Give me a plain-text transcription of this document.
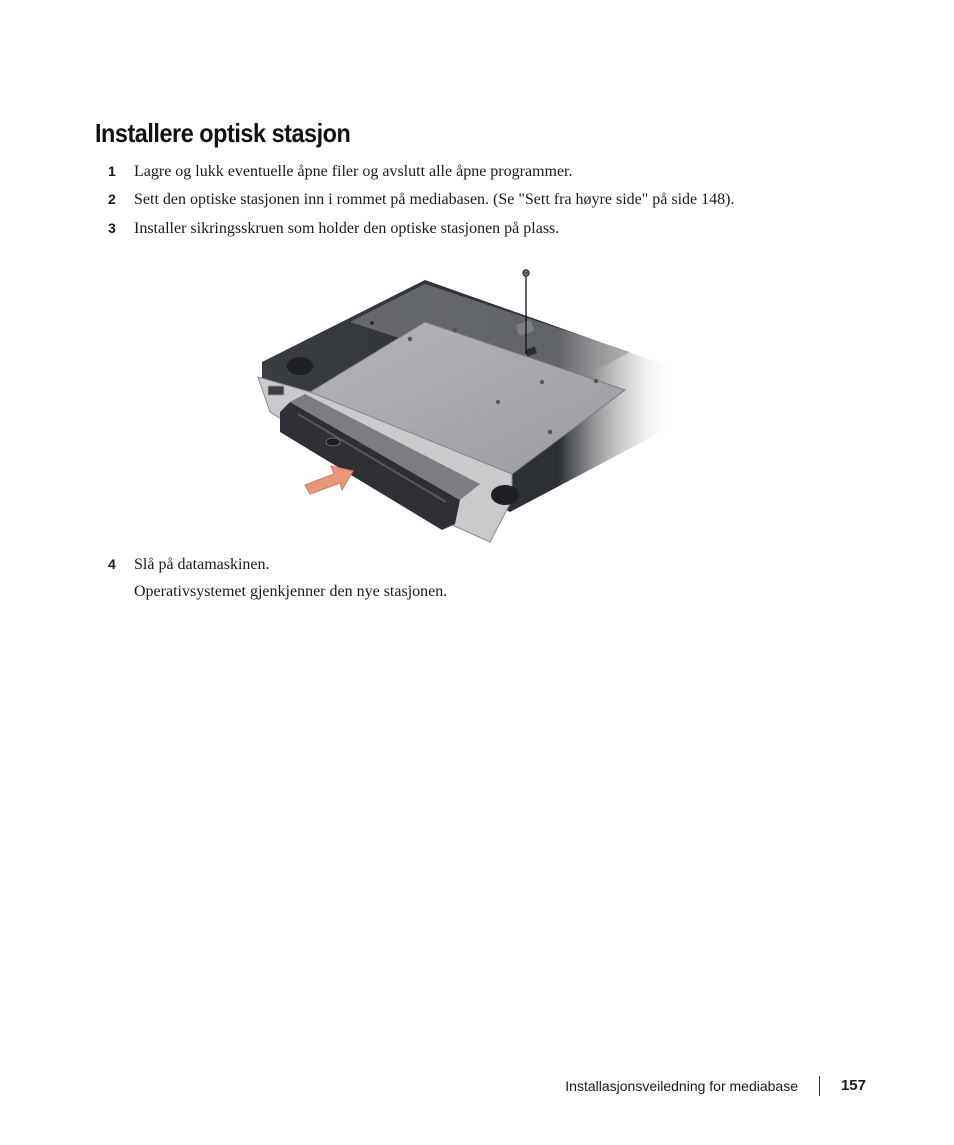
Installere optisk stasjon
1 Lagre og lukk eventuelle åpne filer og avslutt alle åpne programmer.
2 Sett den optiske stasjonen inn i rommet på mediabasen. (Se "Sett fra høyre side" på side 148).
3 Installer sikringsskruen som holder den optiske stasjonen på plass.
4 Slå på datamaskinen.
Operativsystemet gjenkjenner den nye stasjonen.
Installasjonsveiledning for mediabase	157
